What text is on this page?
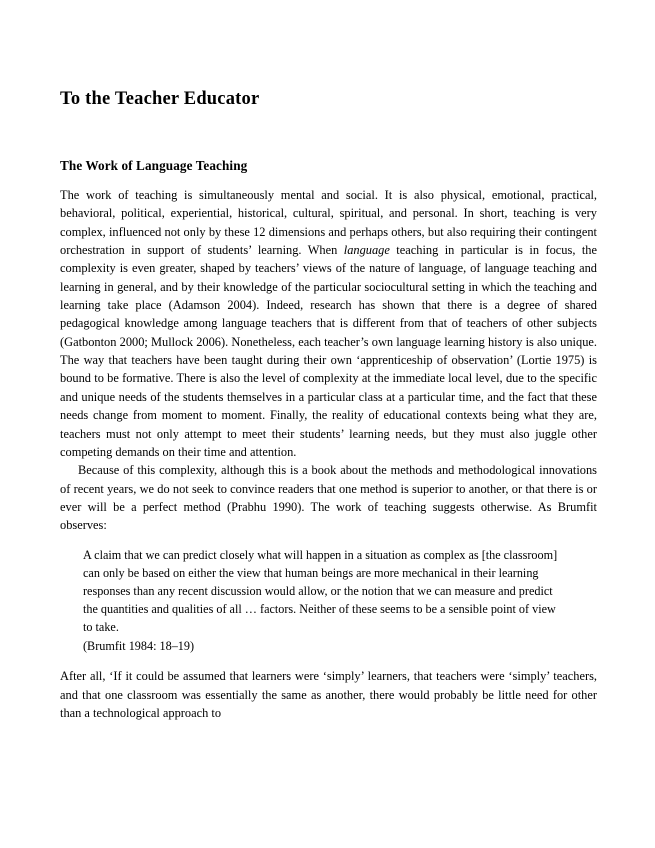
To the Teacher Educator
The Work of Language Teaching

The work of teaching is simultaneously mental and social. It is also physical, emotional, practical, behavioral, political, experiential, historical, cultural, spiritual, and personal. In short, teaching is very complex, influenced not only by these 12 dimensions and perhaps others, but also requiring their contingent orchestration in support of students’ learning. When language teaching in particular is in focus, the complexity is even greater, shaped by teachers’ views of the nature of language, of language teaching and learning in general, and by their knowledge of the particular sociocultural setting in which the teaching and learning take place (Adamson 2004). Indeed, research has shown that there is a degree of shared pedagogical knowledge among language teachers that is different from that of teachers of other subjects (Gatbonton 2000; Mullock 2006). Nonetheless, each teacher’s own language learning history is also unique. The way that teachers have been taught during their own ‘apprenticeship of observation’ (Lortie 1975) is bound to be formative. There is also the level of complexity at the immediate local level, due to the specific and unique needs of the students themselves in a particular class at a particular time, and the fact that these needs change from moment to moment. Finally, the reality of educational contexts being what they are, teachers must not only attempt to meet their students’ learning needs, but they must also juggle other competing demands on their time and attention.

Because of this complexity, although this is a book about the methods and methodological innovations of recent years, we do not seek to convince readers that one method is superior to another, or that there is or ever will be a perfect method (Prabhu 1990). The work of teaching suggests otherwise. As Brumfit observes:

A claim that we can predict closely what will happen in a situation as complex as [the classroom] can only be based on either the view that human beings are more mechanical in their learning responses than any recent discussion would allow, or the notion that we can measure and predict the quantities and qualities of all … factors. Neither of these seems to be a sensible point of view to take.

(Brumfit 1984: 18–19)

After all, ‘If it could be assumed that learners were ‘simply’ learners, that teachers were ‘simply’ teachers, and that one classroom was essentially the same as another, there would probably be little need for other than a technological approach to
